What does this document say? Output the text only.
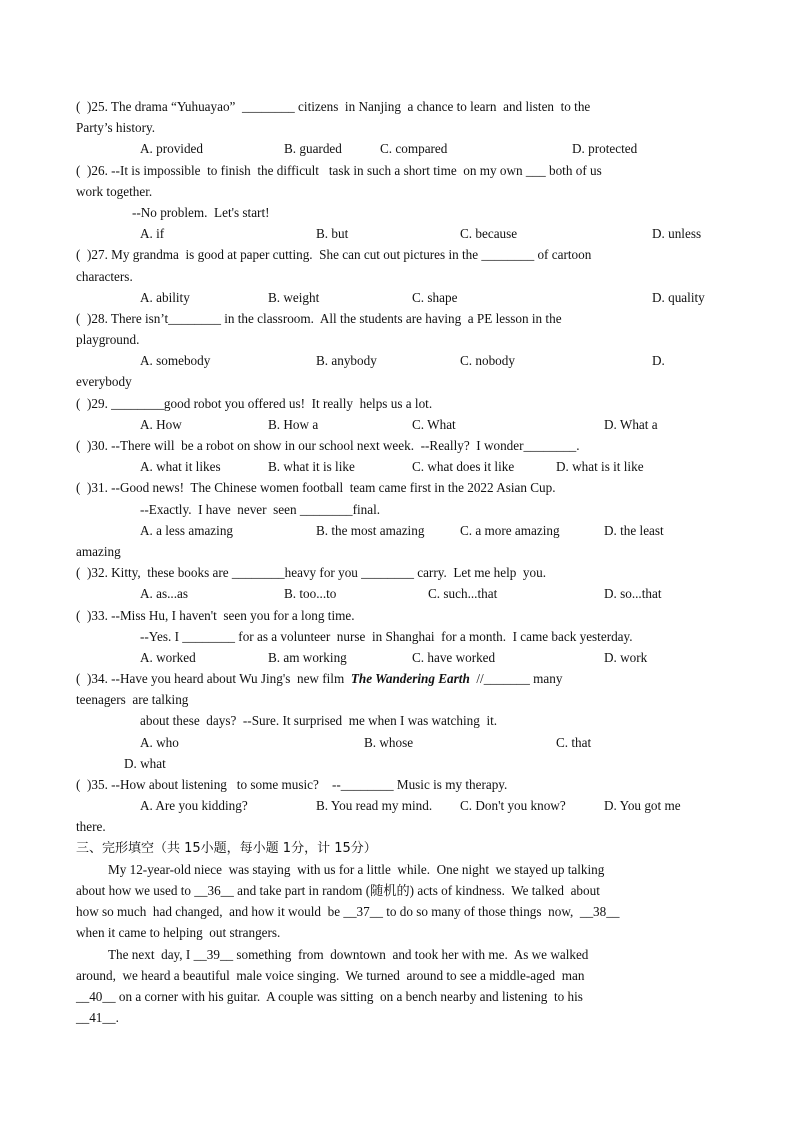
(  )25. The drama “Yuhuayao”  ________ citizens  in Nanjing  a chance to learn  and listen  to the
Party’s history.
A. provided	B. guarded	C. compared	D. protected
(  )26. --It is impossible  to finish  the difficult   task in such a short time  on my own ___ both of us
work together.
--No problem.  Let's start!
A. if	B. but	C. because	D. unless
(  )27. My grandma  is good at paper cutting.  She can cut out pictures in the ________ of cartoon
characters.
A. ability	B. weight	C. shape	D. quality
(  )28. There isn’t________ in the classroom.  All the students are having  a PE lesson in the
playground.
A. somebody	B. anybody	C. nobody	D.
everybody
(  )29. ________good robot you offered us!  It really  helps us a lot.
A. How	B. How a	C. What	D. What a
(  )30. --There will  be a robot on show in our school next week.  --Really?  I wonder________.
A. what it likes	B. what it is like	C. what does it like	D. what is it like
(  )31. --Good news!  The Chinese women football  team came first in the 2022 Asian Cup.
--Exactly.  I have  never  seen ________final.
A. a less amazing	B. the most amazing	C. a more amazing	D. the least
amazing
(  )32. Kitty,  these books are ________heavy for you ________ carry.  Let me help  you.
A. as...as	B. too...to	C. such...that	D. so...that
(  )33. --Miss Hu, I haven't  seen you for a long time.
--Yes. I ________ for as a volunteer  nurse  in Shanghai  for a month.  I came back yesterday.
A. worked	B. am working	C. have worked	D. work
(  )34. --Have you heard about Wu Jing's  new film  The Wandering Earth  //_______ many
teenagers  are talking
about these  days?  --Sure. It surprised  me when I was watching  it.
A. who	B. whose	C. that
D. what
(  )35. --How about listening   to some music?    --________ Music is my therapy.
A. Are you kidding?	B. You read my mind. C. Don't you know?	D. You got me
there.
三、完形填空（共 15小题，每小题 1分，计 15分）
My 12-year-old niece  was staying  with us for a little  while.  One night  we stayed up talking
about how we used to __36__ and take part in random (随机的) acts of kindness.  We talked  about
how so much  had changed,  and how it would  be __37__ to do so many of those things  now,  __38__
when it came to helping  out strangers.
The next  day, I __39__ something  from  downtown  and took her with me.  As we walked
around,  we heard a beautiful  male voice singing.  We turned  around to see a middle-aged  man
__40__ on a corner with his guitar.  A couple was sitting  on a bench nearby and listening  to his
__41__.
